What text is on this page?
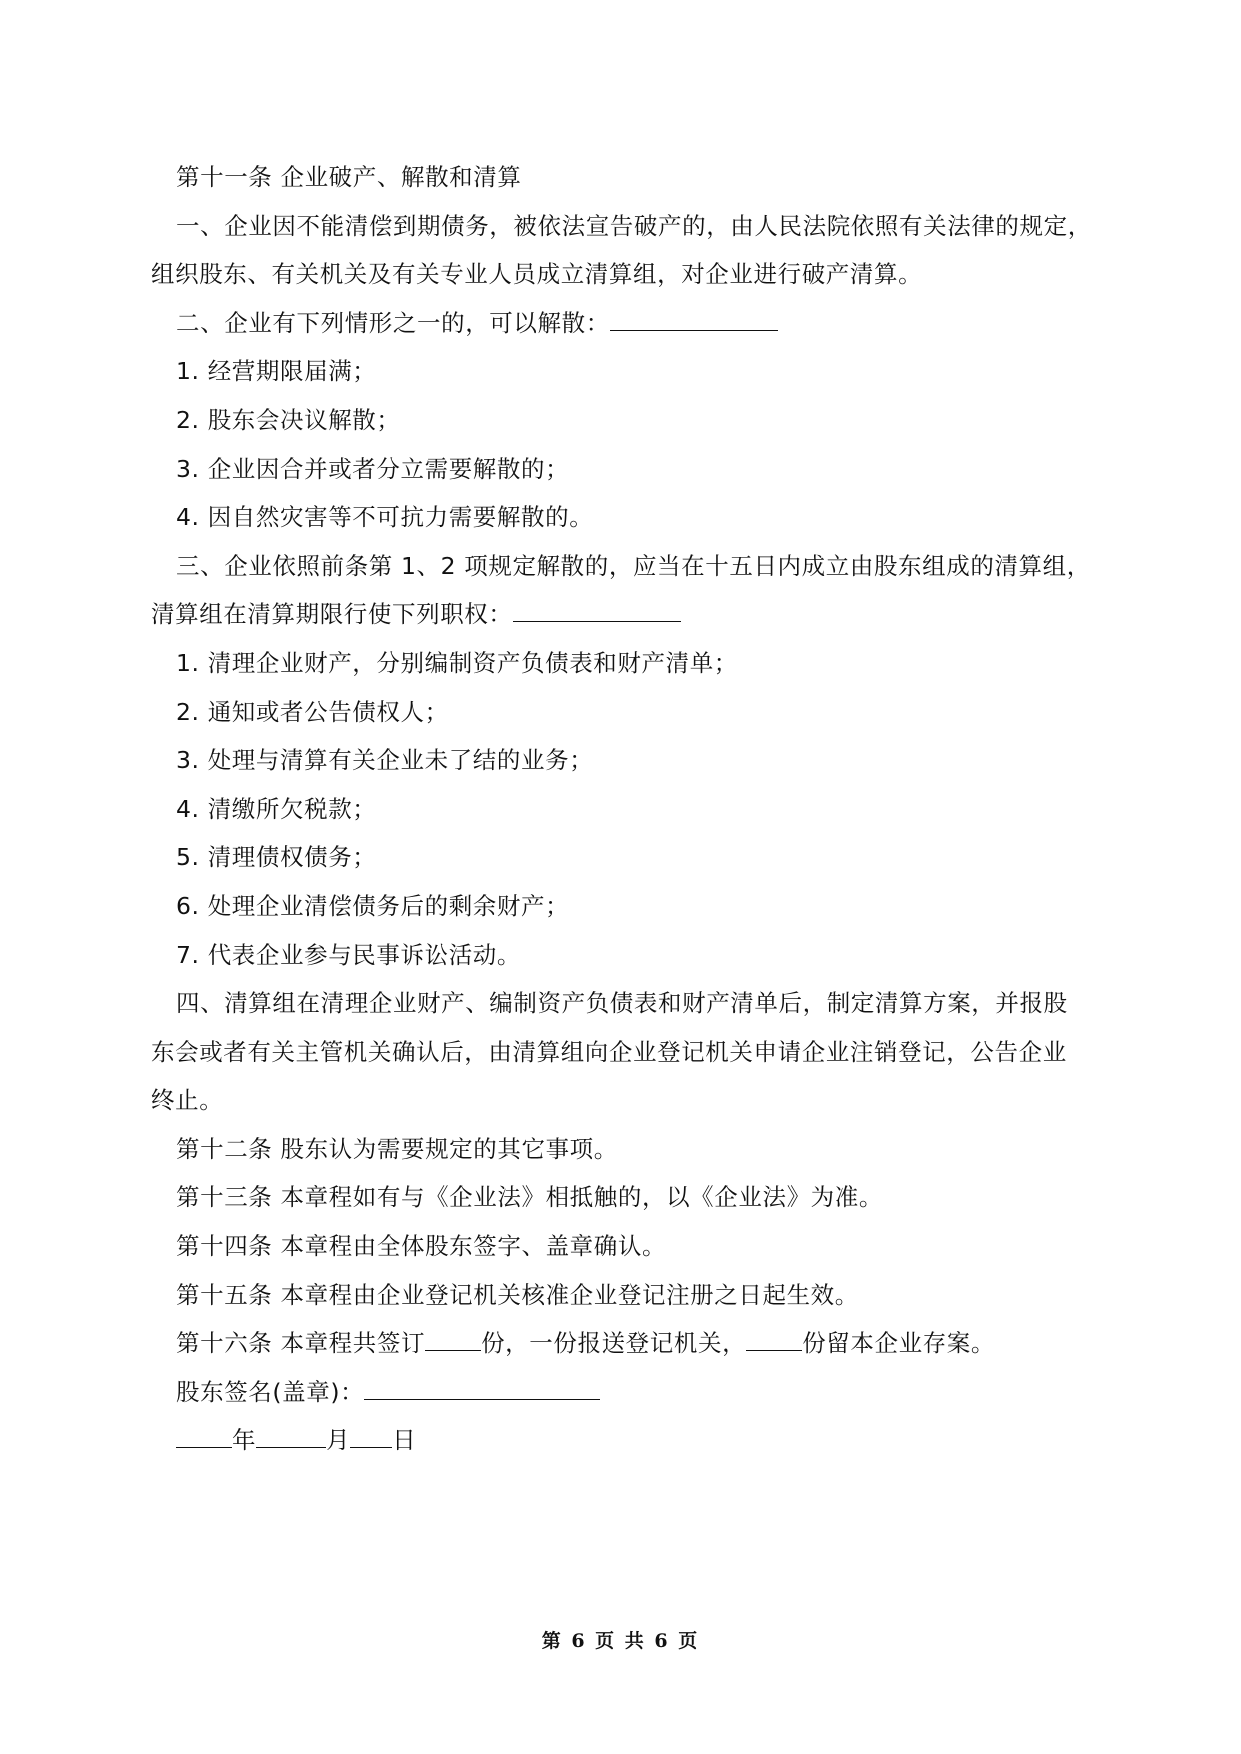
第十一条 企业破产、解散和清算
一、企业因不能清偿到期债务，被依法宣告破产的，由人民法院依照有关法律的规定，
组织股东、有关机关及有关专业人员成立清算组，对企业进行破产清算。
二、企业有下列情形之一的，可以解散：
1. 经营期限届满；
2. 股东会决议解散；
3. 企业因合并或者分立需要解散的；
4. 因自然灾害等不可抗力需要解散的。
三、企业依照前条第 1、2 项规定解散的，应当在十五日内成立由股东组成的清算组，
清算组在清算期限行使下列职权：
1. 清理企业财产，分别编制资产负债表和财产清单；
2. 通知或者公告债权人；
3. 处理与清算有关企业未了结的业务；
4. 清缴所欠税款；
5. 清理债权债务；
6. 处理企业清偿债务后的剩余财产；
7. 代表企业参与民事诉讼活动。
四、清算组在清理企业财产、编制资产负债表和财产清单后，制定清算方案，并报股
东会或者有关主管机关确认后，由清算组向企业登记机关申请企业注销登记，公告企业
终止。
第十二条 股东认为需要规定的其它事项。
第十三条 本章程如有与《企业法》相抵触的，以《企业法》为准。
第十四条 本章程由全体股东签字、盖章确认。
第十五条 本章程由企业登记机关核准企业登记注册之日起生效。
第十六条 本章程共签订 份，一份报送登记机关， 份留本企业存案。
股东签名(盖章)：
年	月 日
第 6 页 共 6 页
